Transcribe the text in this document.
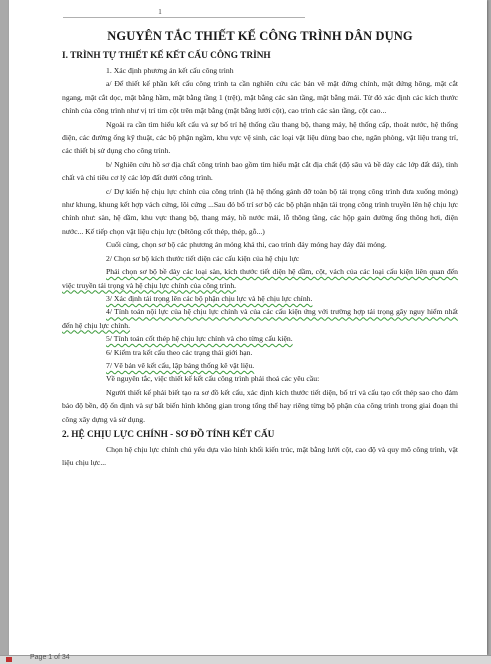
1
NGUYÊN TẮC THIẾT KẾ CÔNG TRÌNH DÂN DỤNG
I. TRÌNH TỰ THIẾT KẾ KẾT CẤU CÔNG TRÌNH

1. Xác định phương án kết cấu công trình

a/ Để thiết kế phần kết cấu công trình ta cần nghiên cứu các bản vẽ mặt đứng chính, mặt đứng hông, mặt cắt ngang, mặt cắt dọc, mặt bằng hầm, mặt bằng tầng 1 (trệt), mặt bằng các sàn tầng, mặt bằng mái. Từ đó xác định các kích thước chính của công trình như vị trí tim cột trên mặt bằng (mặt bằng lưới cột), cao trình các sàn tầng, cột cao...

Ngoài ra cần tìm hiểu kết cấu và sự bố trí hệ thống cầu thang bộ, thang máy, hệ thống cấp, thoát nước, hệ thống điện, các đường ống kỹ thuật, các bộ phận ngầm, khu vực vệ sinh, các loại vật liệu dùng bao che, ngăn phòng, vật liệu trang trí, các thiết bị sử dụng cho công trình.

b/ Nghiên cứu hồ sơ địa chất công trình bao gồm tìm hiểu mặt cắt địa chất (độ sâu và bề dày các lớp đất đá), tính chất và chỉ tiêu cơ lý các lớp đất dưới công trình.

c/ Dự kiến hệ chịu lực chính của công trình (là hệ thống gánh đỡ toàn bộ tải trọng công trình đưa xuống móng) như khung, khung kết hợp vách cứng, lõi cứng ...Sau đó bố trí sơ bộ các bộ phận nhận tải trọng công trình truyền lên hệ chịu lực chính như: sàn, hệ dầm, khu vực thang bộ, thang máy, hồ nước mái, lỗ thông tầng, các hộp gain đường ống thông hơi, điện nước... Kế tiếp chọn vật liệu chịu lực (bêtông cốt thép, thép, gỗ...)

Cuối cùng, chọn sơ bộ các phương án móng khả thi, cao trình đáy móng hay đáy đài móng.

2/ Chọn sơ bộ kích thước tiết diện các cấu kiện của hệ chịu lực

Phải chọn sơ bộ bề dày các loại sàn, kích thước tiết diện hệ dầm, cột, vách của các loại cấu kiện liên quan đến việc truyền tải trọng và hệ chịu lực chính của công trình.

3/ Xác định tải trọng lên các bộ phận chịu lực và hệ chịu lực chính.

4/ Tính toán nội lực của hệ chịu lực chính và của các cấu kiện ứng với trường hợp tải trọng gây nguy hiểm nhất đến hệ chịu lực chính.

5/ Tính toán cốt thép hệ chịu lực chính và cho từng cấu kiện.

6/ Kiểm tra kết cấu theo các trạng thái giới hạn.

7/ Vẽ bản vẽ kết cấu, lập bảng thống kê vật liệu.

Về nguyên tắc, việc thiết kế kết cấu công trình phải thoả các yêu cầu:

Người thiết kế phải biết tạo ra sơ đồ kết cấu, xác định kích thước tiết diện, bố trí và cấu tạo cốt thép sao cho đảm bảo độ bền, độ ổn định và sự bất biến hình không gian trong tổng thể hay riêng từng bộ phận của công trình trong giai đoạn thi công xây dựng và sử dụng.

2. HỆ CHỊU LỰC CHÍNH - SƠ ĐỒ TÍNH KẾT CẤU

Chọn hệ chịu lực chính chủ yếu dựa vào hình khối kiến trúc, mặt bằng lưới cột, cao độ và quy mô công trình, vật liệu chịu lực...

Page 1 of 34
